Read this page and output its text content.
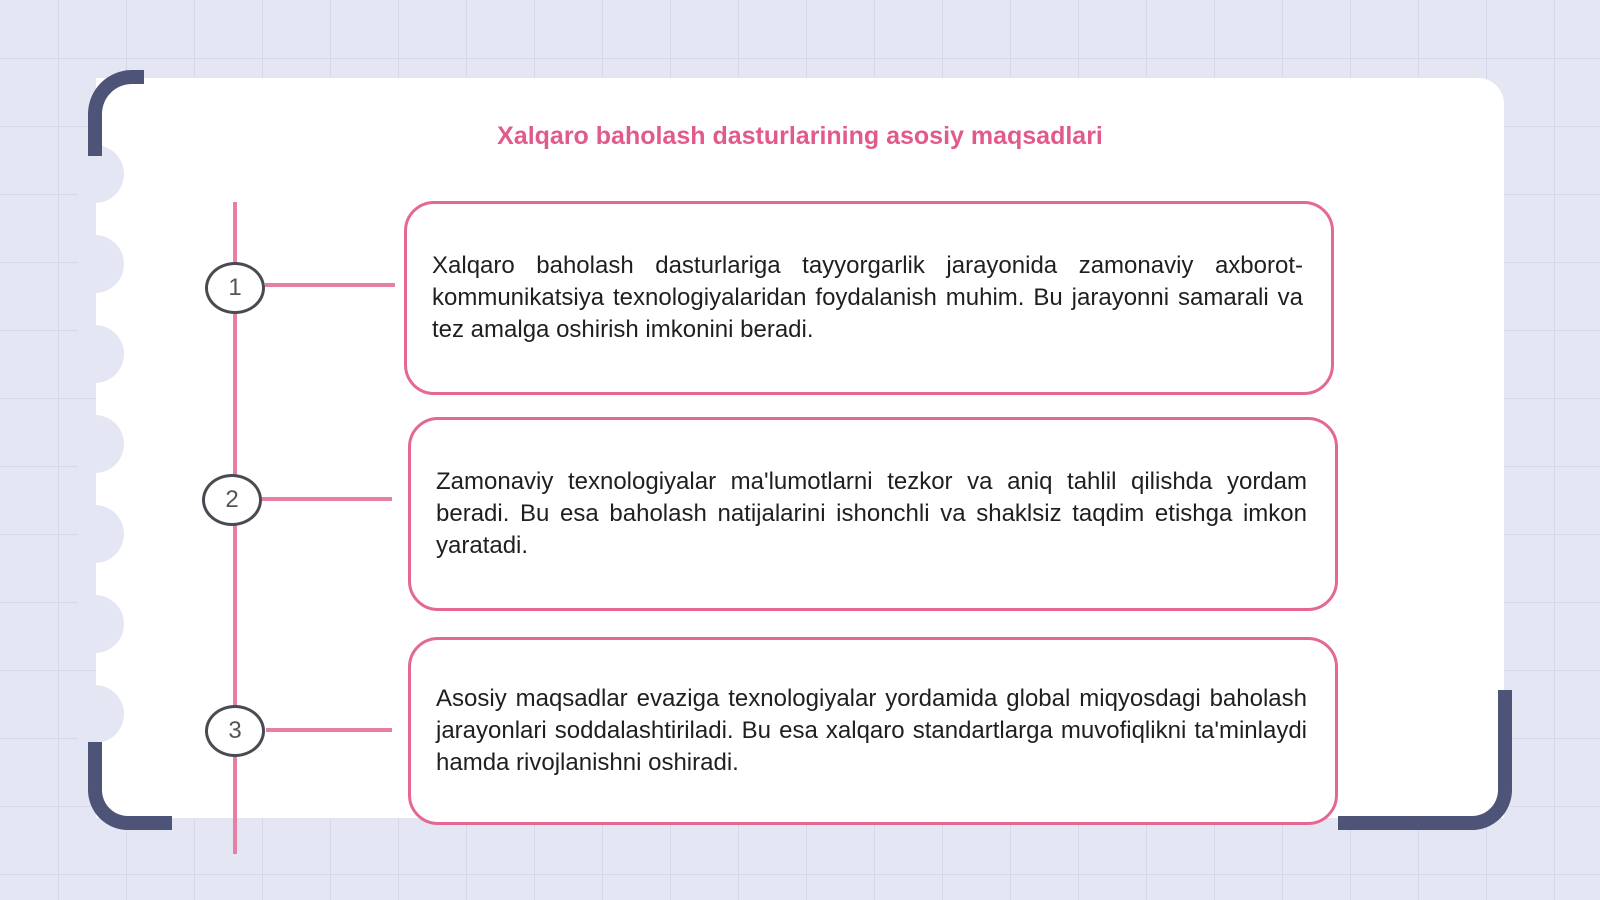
Xalqaro baholash dasturlarining asosiy maqsadlari
1
2
3

Xalqaro baholash dasturlariga tayyorgarlik jarayonida zamonaviy axborot-kommunikatsiya texnologiyalaridan foydalanish muhim. Bu jarayonni samarali va tez amalga oshirish imkonini beradi.

Zamonaviy texnologiyalar ma'lumotlarni tezkor va aniq tahlil qilishda yordam beradi. Bu esa baholash natijalarini ishonchli va shaklsiz taqdim etishga imkon yaratadi.

Asosiy maqsadlar evaziga texnologiyalar yordamida global miqyosdagi baholash jarayonlari soddalashtiriladi. Bu esa xalqaro standartlarga muvofiqlikni ta'minlaydi hamda rivojlanishni oshiradi.
